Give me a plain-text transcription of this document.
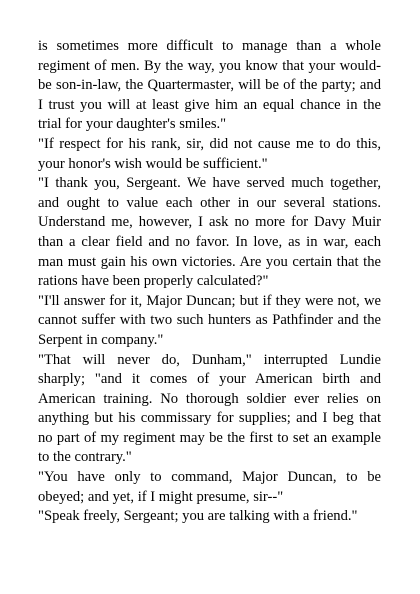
is sometimes more difficult to manage than a whole regiment of men. By the way, you know that your would-be son-in-law, the Quartermaster, will be of the party; and I trust you will at least give him an equal chance in the trial for your daughter's smiles."

"If respect for his rank, sir, did not cause me to do this, your honor's wish would be sufficient."

"I thank you, Sergeant. We have served much together, and ought to value each other in our several stations. Understand me, however, I ask no more for Davy Muir than a clear field and no favor. In love, as in war, each man must gain his own victories. Are you certain that the rations have been properly calculated?"

"I'll answer for it, Major Duncan; but if they were not, we cannot suffer with two such hunters as Pathfinder and the Serpent in company."

"That will never do, Dunham," interrupted Lundie sharply; "and it comes of your American birth and American training. No thorough soldier ever relies on anything but his commissary for supplies; and I beg that no part of my regiment may be the first to set an example to the contrary."

"You have only to command, Major Duncan, to be obeyed; and yet, if I might presume, sir--"

"Speak freely, Sergeant; you are talking with a friend."
